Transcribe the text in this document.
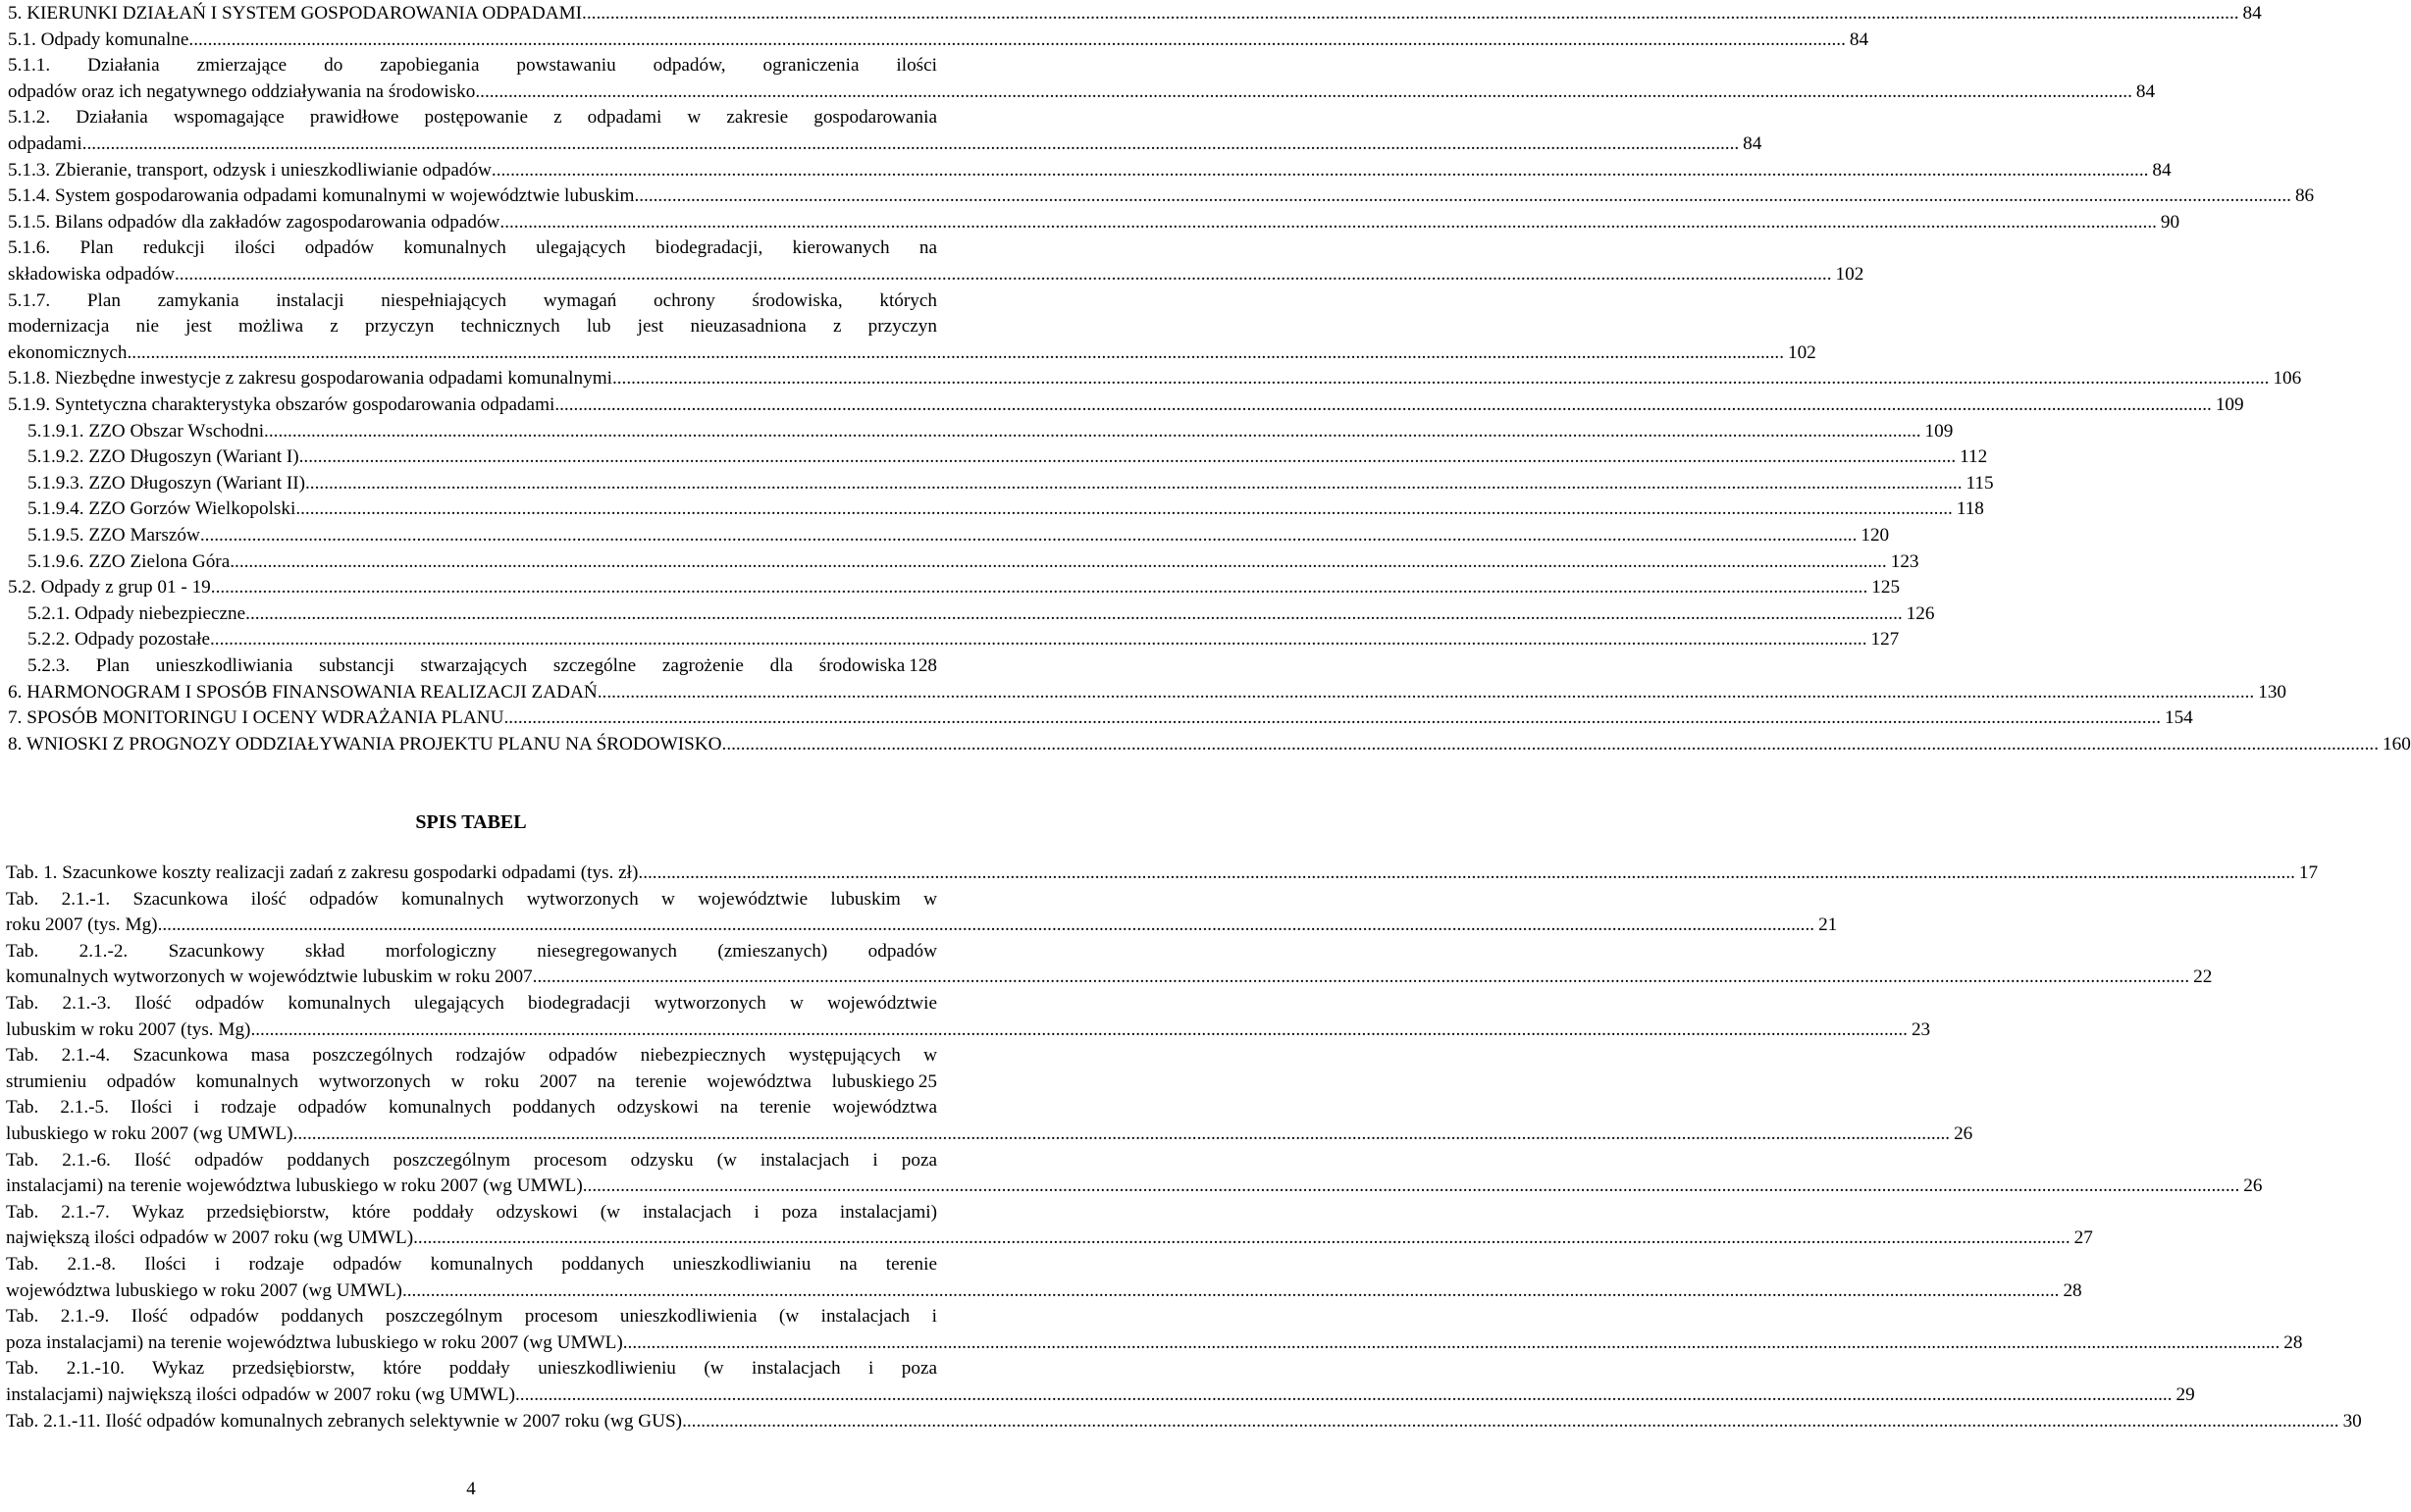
5. KIERUNKI DZIAŁAŃ I SYSTEM GOSPODAROWANIA ODPADAMI .....	84
5.1. Odpady komunalne .....	84
5.1.1. Działania zmierzające do zapobiegania powstawaniu odpadów, ograniczenia ilości
odpadów oraz ich negatywnego oddziaływania na środowisko .....	84
5.1.2. Działania wspomagające prawidłowe postępowanie z odpadami w zakresie gospodarowania
odpadami .....	84
5.1.3. Zbieranie, transport, odzysk i unieszkodliwianie odpadów .....	84
5.1.4. System gospodarowania odpadami komunalnymi w województwie lubuskim .....	86
5.1.5. Bilans odpadów dla zakładów zagospodarowania odpadów .....	90
5.1.6. Plan redukcji ilości odpadów komunalnych ulegających biodegradacji, kierowanych na
składowiska odpadów .....	102
5.1.7. Plan zamykania instalacji niespełniających wymagań ochrony środowiska, których
modernizacja nie jest możliwa z przyczyn technicznych lub jest nieuzasadniona z przyczyn
ekonomicznych .....	102
5.1.8. Niezbędne inwestycje z zakresu gospodarowania odpadami komunalnymi .....	106
5.1.9. Syntetyczna charakterystyka obszarów gospodarowania odpadami .....	109
5.1.9.1. ZZO Obszar Wschodni .....	109
5.1.9.2. ZZO Długoszyn (Wariant I) .....	112
5.1.9.3. ZZO Długoszyn (Wariant II) .....	115
5.1.9.4. ZZO Gorzów Wielkopolski .....	118
5.1.9.5. ZZO Marszów .....	120
5.1.9.6. ZZO Zielona Góra .....	123
5.2. Odpady z grup 01 - 19 .....	125
5.2.1. Odpady niebezpieczne .....	126
5.2.2. Odpady pozostałe .....	127
5.2.3. Plan unieszkodliwiania substancji stwarzających szczególne zagrożenie dla środowiska 128
6. HARMONOGRAM I SPOSÓB FINANSOWANIA REALIZACJI ZADAŃ .....	130
7. SPOSÓB MONITORINGU I OCENY WDRAŻANIA PLANU .....	154
8. WNIOSKI Z PROGNOZY ODDZIAŁYWANIA PROJEKTU PLANU NA ŚRODOWISKO .....	160
SPIS TABEL
Tab. 1. Szacunkowe koszty realizacji zadań z zakresu gospodarki odpadami (tys. zł) .....	17
Tab. 2.1.-1. Szacunkowa ilość odpadów komunalnych wytworzonych w województwie lubuskim w
roku 2007 (tys. Mg) .....	21
Tab. 2.1.-2. Szacunkowy skład morfologiczny niesegregowanych (zmieszanych) odpadów
komunalnych wytworzonych w województwie lubuskim w roku 2007 .....	22
Tab. 2.1.-3. Ilość odpadów komunalnych ulegających biodegradacji wytworzonych w województwie
lubuskim w roku 2007 (tys. Mg) .....	23
Tab. 2.1.-4. Szacunkowa masa poszczególnych rodzajów odpadów niebezpiecznych występujących w
strumieniu odpadów komunalnych wytworzonych w roku 2007 na terenie województwa lubuskiego 25
Tab. 2.1.-5. Ilości i rodzaje odpadów komunalnych poddanych odzyskowi na terenie województwa
lubuskiego w roku 2007 (wg UMWL) .....	26
Tab. 2.1.-6. Ilość odpadów poddanych poszczególnym procesom odzysku (w instalacjach i poza
instalacjami) na terenie województwa lubuskiego w roku 2007 (wg UMWL) .....	26
Tab. 2.1.-7. Wykaz przedsiębiorstw, które poddały odzyskowi (w instalacjach i poza instalacjami)
największą ilości odpadów w 2007 roku (wg UMWL) .....	27
Tab. 2.1.-8. Ilości i rodzaje odpadów komunalnych poddanych unieszkodliwianiu na terenie
województwa lubuskiego w roku 2007 (wg UMWL) .....	28
Tab. 2.1.-9. Ilość odpadów poddanych poszczególnym procesom unieszkodliwienia (w instalacjach i
poza instalacjami) na terenie województwa lubuskiego w roku 2007 (wg UMWL) .....	28
Tab. 2.1.-10. Wykaz przedsiębiorstw, które poddały unieszkodliwieniu (w instalacjach i poza
instalacjami) największą ilości odpadów w 2007 roku (wg UMWL) .....	29
Tab. 2.1.-11. Ilość odpadów komunalnych zebranych selektywnie w 2007 roku (wg GUS) .....	30
4
